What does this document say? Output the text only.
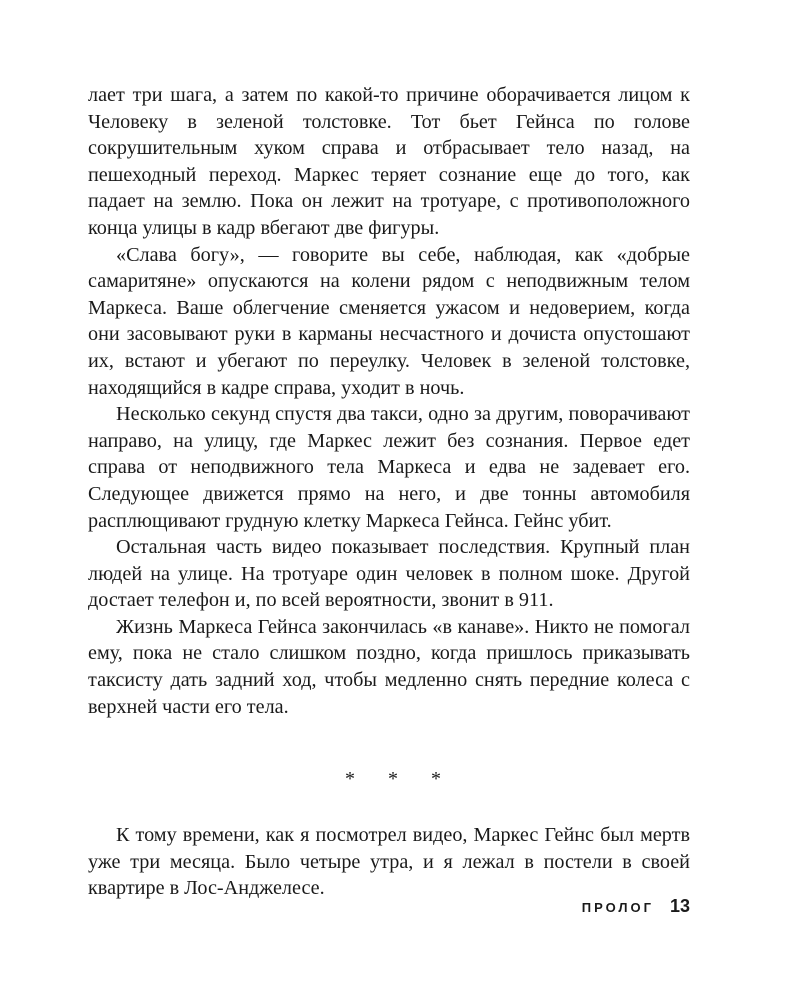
лает три шага, а затем по какой-то причине оборачивается лицом к Человеку в зеленой толстовке. Тот бьет Гейнса по голове сокрушительным хуком справа и отбрасывает тело назад, на пешеходный переход. Маркес теряет сознание еще до того, как падает на землю. Пока он лежит на тротуаре, с противоположного конца улицы в кадр вбегают две фигуры.

«Слава богу», — говорите вы себе, наблюдая, как «добрые самаритяне» опускаются на колени рядом с неподвижным телом Маркеса. Ваше облегчение сменяется ужасом и недоверием, когда они засовывают руки в карманы несчастного и дочиста опустошают их, встают и убегают по переулку. Человек в зеленой толстовке, находящийся в кадре справа, уходит в ночь.

Несколько секунд спустя два такси, одно за другим, поворачивают направо, на улицу, где Маркес лежит без сознания. Первое едет справа от неподвижного тела Маркеса и едва не задевает его. Следующее движется прямо на него, и две тонны автомобиля расплющивают грудную клетку Маркеса Гейнса. Гейнс убит.

Остальная часть видео показывает последствия. Крупный план людей на улице. На тротуаре один человек в полном шоке. Другой достает телефон и, по всей вероятности, звонит в 911.

Жизнь Маркеса Гейнса закончилась «в канаве». Никто не помогал ему, пока не стало слишком поздно, когда пришлось приказывать таксисту дать задний ход, чтобы медленно снять передние колеса с верхней части его тела.

* * *

К тому времени, как я посмотрел видео, Маркес Гейнс был мертв уже три месяца. Было четыре утра, и я лежал в постели в своей квартире в Лос-Анджелесе.

ПРОЛОГ 13
